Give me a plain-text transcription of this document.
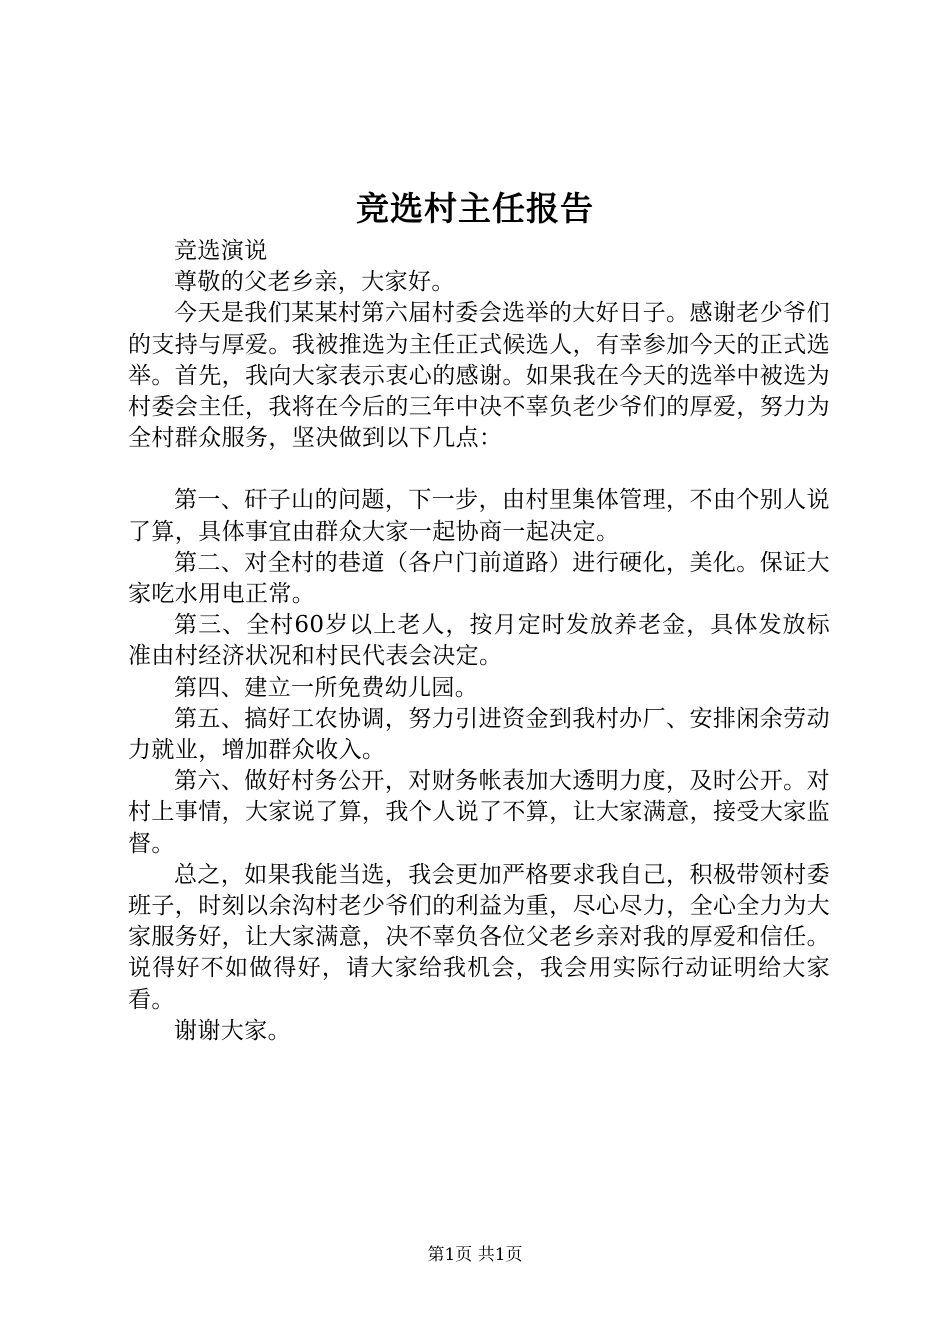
竞选村主任报告

竞选演说

尊敬的父老乡亲，大家好。

今天是我们某某村第六届村委会选举的大好日子。感谢老少爷们的支持与厚爱。我被推选为主任正式候选人，有幸参加今天的正式选举。首先，我向大家表示衷心的感谢。如果我在今天的选举中被选为村委会主任，我将在今后的三年中决不辜负老少爷们的厚爱，努力为全村群众服务，坚决做到以下几点：

第一、矸子山的问题，下一步，由村里集体管理，不由个别人说了算，具体事宜由群众大家一起协商一起决定。

第二、对全村的巷道（各户门前道路）进行硬化，美化。保证大家吃水用电正常。

第三、全村60岁以上老人，按月定时发放养老金，具体发放标准由村经济状况和村民代表会决定。

第四、建立一所免费幼儿园。

第五、搞好工农协调，努力引进资金到我村办厂、安排闲余劳动力就业，增加群众收入。

第六、做好村务公开，对财务帐表加大透明力度，及时公开。对村上事情，大家说了算，我个人说了不算，让大家满意，接受大家监督。

总之，如果我能当选，我会更加严格要求我自己，积极带领村委班子，时刻以余沟村老少爷们的利益为重，尽心尽力，全心全力为大家服务好，让大家满意，决不辜负各位父老乡亲对我的厚爱和信任。说得好不如做得好，请大家给我机会，我会用实际行动证明给大家看。

谢谢大家。

第1页 共1页
